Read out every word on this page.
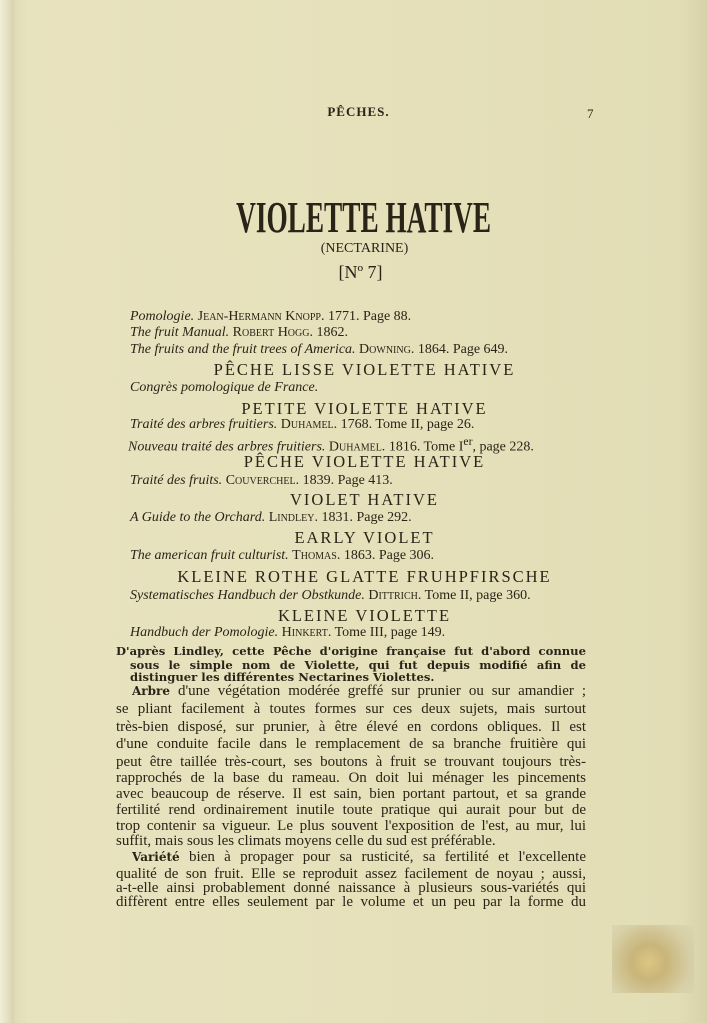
PÊCHES.	7
VIOLETTE HATIVE
(NECTARINE)
[Nº 7]
Pomologie. Jean-Hermann Knopp. 1771. Page 88.
The fruit Manual. Robert Hogg. 1862.
The fruits and the fruit trees of America. Downing. 1864. Page 649.
PÊCHE LISSE VIOLETTE HATIVE
Congrès pomologique de France.
PETITE VIOLETTE HATIVE
Traité des arbres fruitiers. Duhamel. 1768. Tome II, page 26.
Nouveau traité des arbres fruitiers. Duhamel. 1816. Tome Ier, page 228.
PÊCHE VIOLETTE HATIVE
Traité des fruits. Couverchel. 1839. Page 413.
VIOLET HATIVE
A Guide to the Orchard. Lindley. 1831. Page 292.
EARLY VIOLET
The american fruit culturist. Thomas. 1863. Page 306.
KLEINE ROTHE GLATTE FRUHPFIRSCHE
Systematisches Handbuch der Obstkunde. Dittrich. Tome II, page 360.
KLEINE VIOLETTE
Handbuch der Pomologie. Hinkert. Tome III, page 149.
D'après Lindley, cette Pêche d'origine française fut d'abord connue
sous le simple nom de Violette, qui fut depuis modifié afin de
distinguer les différentes Nectarines Violettes.
Arbre d'une végétation modérée greffé sur prunier ou sur amandier ;
se pliant facilement à toutes formes sur ces deux sujets, mais surtout
très-bien disposé, sur prunier, à être élevé en cordons obliques. Il est
d'une conduite facile dans le remplacement de sa branche fruitière qui
peut être taillée très-court, ses boutons à fruit se trouvant toujours très-
rapprochés de la base du rameau. On doit lui ménager les pincements
avec beaucoup de réserve. Il est sain, bien portant partout, et sa grande
fertilité rend ordinairement inutile toute pratique qui aurait pour but de
trop contenir sa vigueur. Le plus souvent l'exposition de l'est, au mur, lui
suffit, mais sous les climats moyens celle du sud est préférable.
Variété bien à propager pour sa rusticité, sa fertilité et l'excellente
qualité de son fruit. Elle se reproduit assez facilement de noyau ; aussi,
a-t-elle ainsi probablement donné naissance à plusieurs sous-variétés qui
diffèrent entre elles seulement par le volume et un peu par la forme du
